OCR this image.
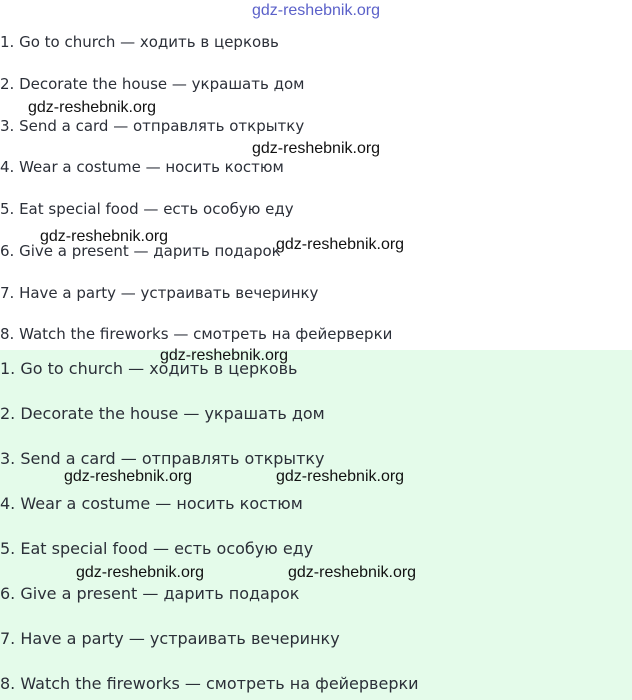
1. Go to church — ходить в церковь
2. Decorate the house — украшать дом
3. Send a card — отправлять открытку
4. Wear a costume — носить костюм
5. Eat special food — есть особую еду
6. Give a present — дарить подарок
7. Have a party — устраивать вечеринку
8. Watch the fireworks — смотреть на фейерверки
1. Go to church — ходить в церковь
2. Decorate the house — украшать дом
3. Send a card — отправлять открытку
4. Wear a costume — носить костюм
5. Eat special food — есть особую еду
6. Give a present — дарить подарок
7. Have a party — устраивать вечеринку
8. Watch the fireworks — смотреть на фейерверки
gdz-reshebnik.org
gdz-reshebnik.org
gdz-reshebnik.org
gdz-reshebnik.org	gdz-reshebnik.org
gdz-reshebnik.org
gdz-reshebnik.org	gdz-reshebnik.org
gdz-reshebnik.org	gdz-reshebnik.org
